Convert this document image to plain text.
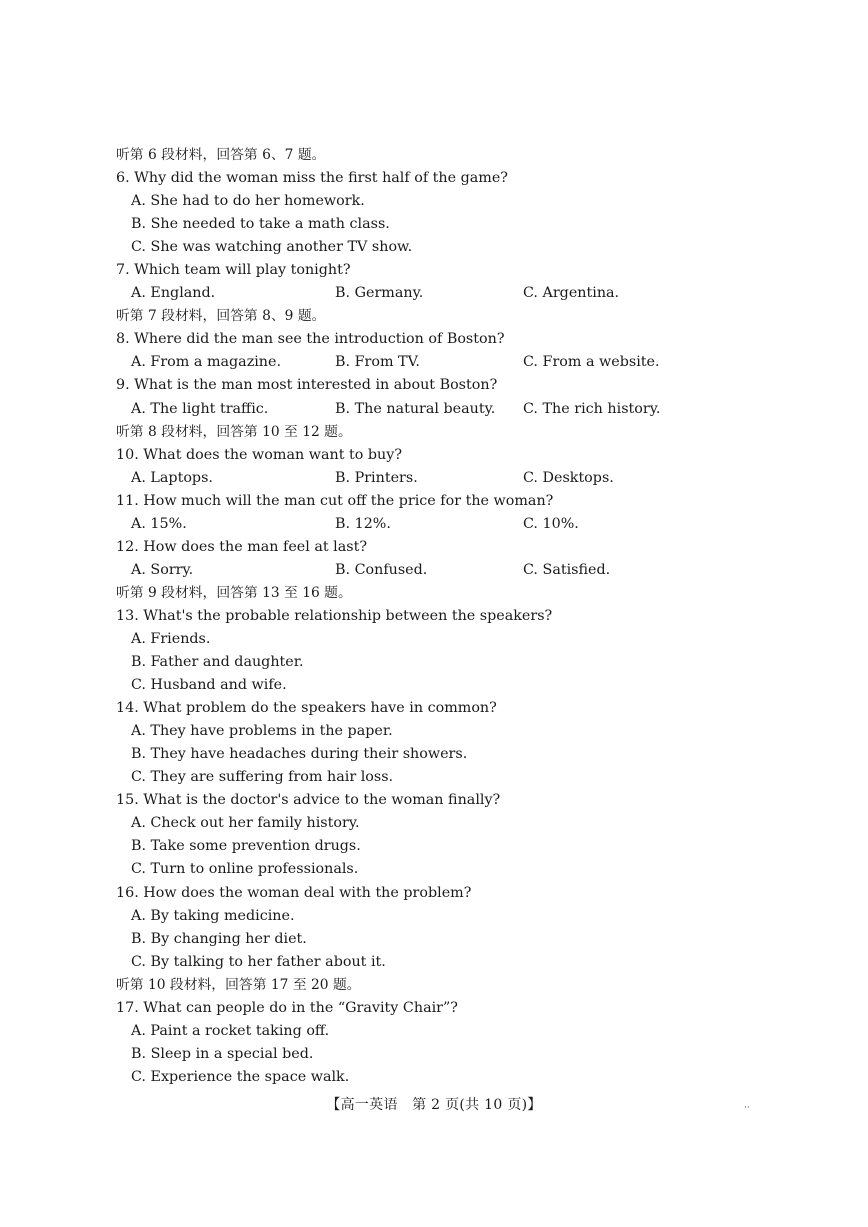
听第 6 段材料，回答第 6、7 题。
6. Why did the woman miss the first half of the game?
A. She had to do her homework.
B. She needed to take a math class.
C. She was watching another TV show.
7. Which team will play tonight?
A. England.	B. Germany.	C. Argentina.
听第 7 段材料，回答第 8、9 题。
8. Where did the man see the introduction of Boston?
A. From a magazine.	B. From TV.	C. From a website.
9. What is the man most interested in about Boston?
A. The light traffic.	B. The natural beauty.	C. The rich history.
听第 8 段材料，回答第 10 至 12 题。
10. What does the woman want to buy?
A. Laptops.	B. Printers.	C. Desktops.
11. How much will the man cut off the price for the woman?
A. 15%.	B. 12%.	C. 10%.
12. How does the man feel at last?
A. Sorry.	B. Confused.	C. Satisfied.
听第 9 段材料，回答第 13 至 16 题。
13. What's the probable relationship between the speakers?
A. Friends.
B. Father and daughter.
C. Husband and wife.
14. What problem do the speakers have in common?
A. They have problems in the paper.
B. They have headaches during their showers.
C. They are suffering from hair loss.
15. What is the doctor's advice to the woman finally?
A. Check out her family history.
B. Take some prevention drugs.
C. Turn to online professionals.
16. How does the woman deal with the problem?
A. By taking medicine.
B. By changing her diet.
C. By talking to her father about it.
听第 10 段材料，回答第 17 至 20 题。
17. What can people do in the “Gravity Chair”?
A. Paint a rocket taking off.
B. Sleep in a special bed.
C. Experience the space walk.
【高一英语　第 2 页(共 10 页)】	··
